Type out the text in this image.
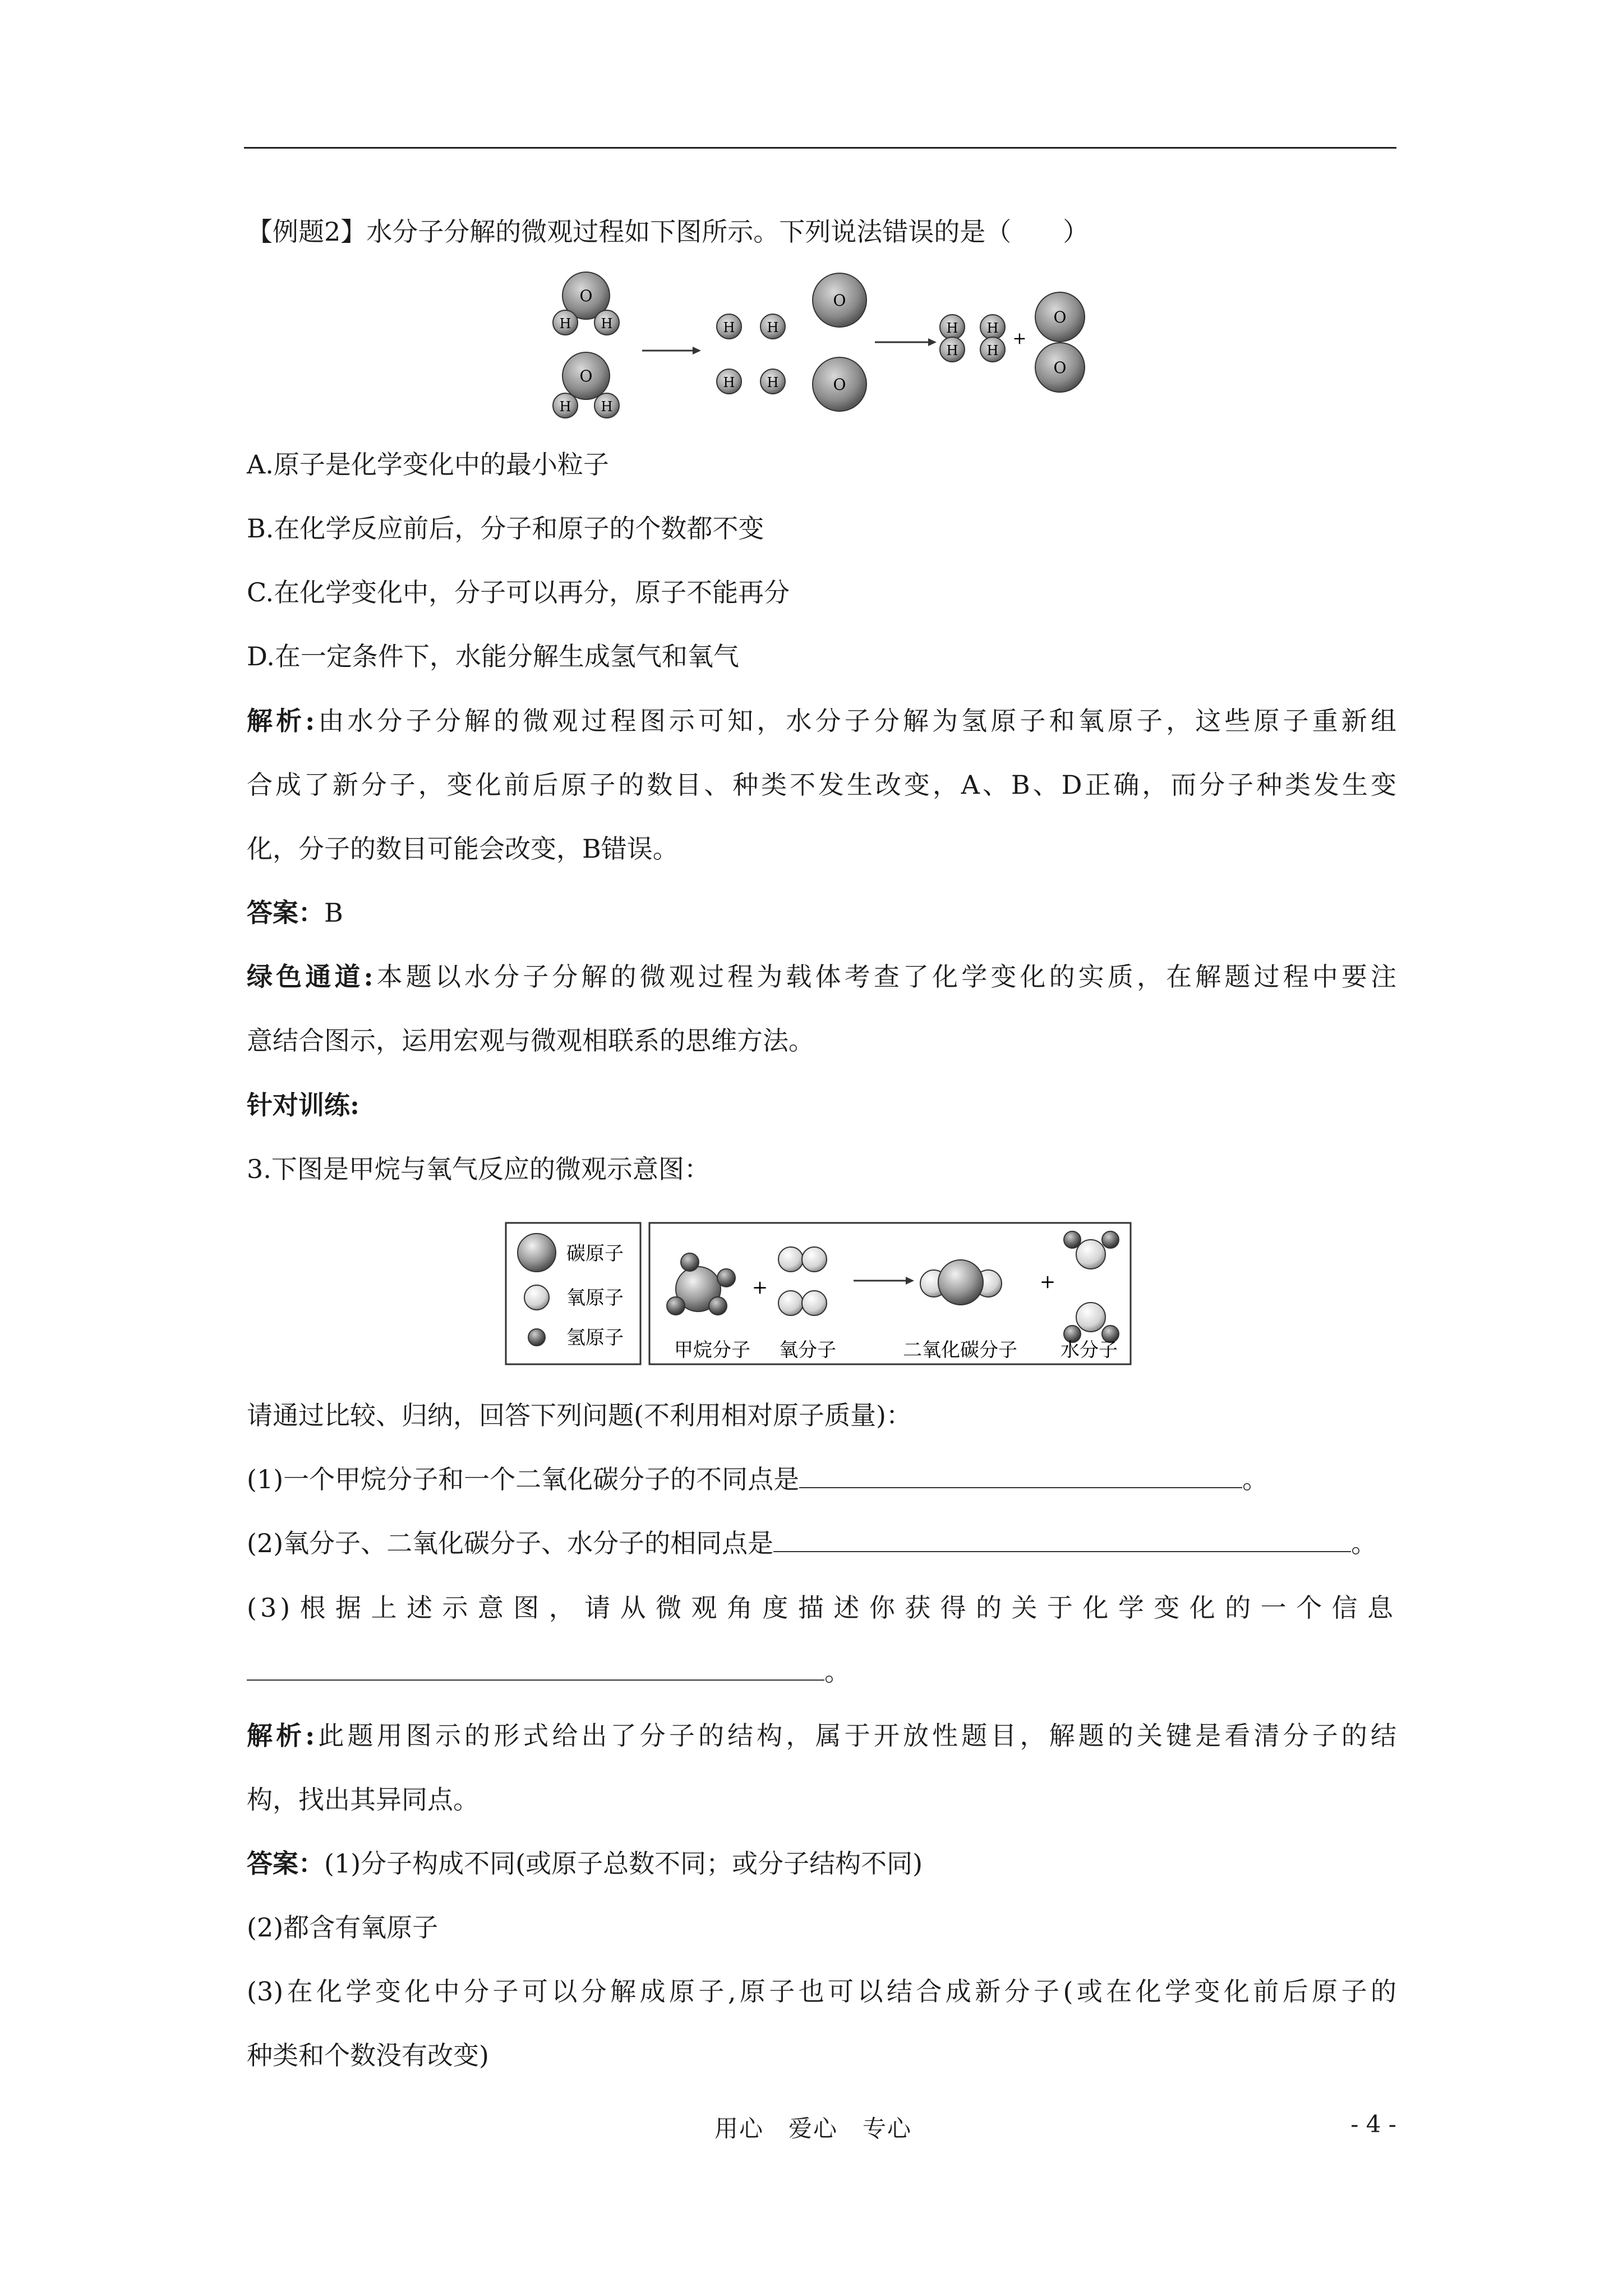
【例题2】水分子分解的微观过程如下图所示。下列说法错误的是（　　）
O
H H
O
H H
H H
H H
O
O
H
H
H
H
+
O
O
A.原子是化学变化中的最小粒子
B.在化学反应前后，分子和原子的个数都不变
C.在化学变化中，分子可以再分，原子不能再分
D.在一定条件下，水能分解生成氢气和氧气
解析:由水分子分解的微观过程图示可知，水分子分解为氢原子和氧原子，这些原子重新组
合成了新分子，变化前后原子的数目、种类不发生改变，A、B、D正确，而分子种类发生变
化，分子的数目可能会改变，B错误。
答案：B
绿色通道:本题以水分子分解的微观过程为载体考查了化学变化的实质，在解题过程中要注
意结合图示，运用宏观与微观相联系的思维方法。
针对训练:
3.下图是甲烷与氧气反应的微观示意图：
碳原子
氧原子
氢原子
+	+
甲烷分子 氧分子	二氧化碳分子 水分子
请通过比较、归纳，回答下列问题(不利用相对原子质量)：
(1)一个甲烷分子和一个二氧化碳分子的不同点是	。
(2)氧分子、二氧化碳分子、水分子的相同点是	。
(3)根据上述示意图，请从微观角度描述你获得的关于化学变化的一个信息
。
解析:此题用图示的形式给出了分子的结构，属于开放性题目，解题的关键是看清分子的结
构，找出其异同点。
答案：(1)分子构成不同(或原子总数不同；或分子结构不同)
(2)都含有氧原子
(3)在化学变化中分子可以分解成原子,原子也可以结合成新分子(或在化学变化前后原子的
种类和个数没有改变)
用心　爱心　专心	- 4 -
